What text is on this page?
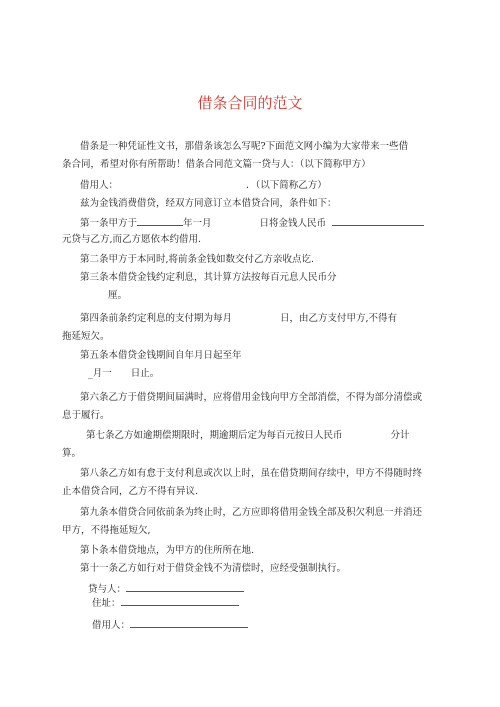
借条合同的范文
借条是一种凭证性文书，那借条该怎么写呢?下面范文网小编为大家带来一些借
条合同，希望对你有所帮助！借条合同范文篇一贷与人：（以下简称甲方）
借用人：	．（以下简称乙方）
兹为金钱消费借贷，经双方同意订立本借贷合同，条件如下：
第一条甲方于	年一月	日将金钱人民币
元贷与乙方,而乙方愿依本约借用.
第二条甲方于本同时,将前条金钱如数交付乙方亲收点讫.
第三条本借贷金钱约定利息，其计算方法按每百元息人民币分
厘。
第四条前条约定利息的支付期为每月	日，由乙方支付甲方,不得有
拖延短欠。
第五条本借贷金钱期间自年月日起至年
_月一　　日止。
第六条乙方于借贷期间届满时，应将借用金钱向甲方全部消偿，不得为部分清偿或
息于履行。
第七条乙方如逾期偿期限时，期逾期后定为每百元按日人民币	分计
算。
第八条乙方如有怠于支付利息或次以上时，虽在借贷期间存续中，甲方不得随时终
止本借贷合同，乙方不得有异议.
第九条本借贷合同依前条为终止时，乙方应即将借用金钱全部及积欠利息一并消还
甲方，不得拖延短欠,
第卜条本借贷地点，为甲方的住所所在地.
第十一条乙方如行对于借贷金钱不为清偿时，应经受强制执行。
贷与人：
住址：
借用人：
